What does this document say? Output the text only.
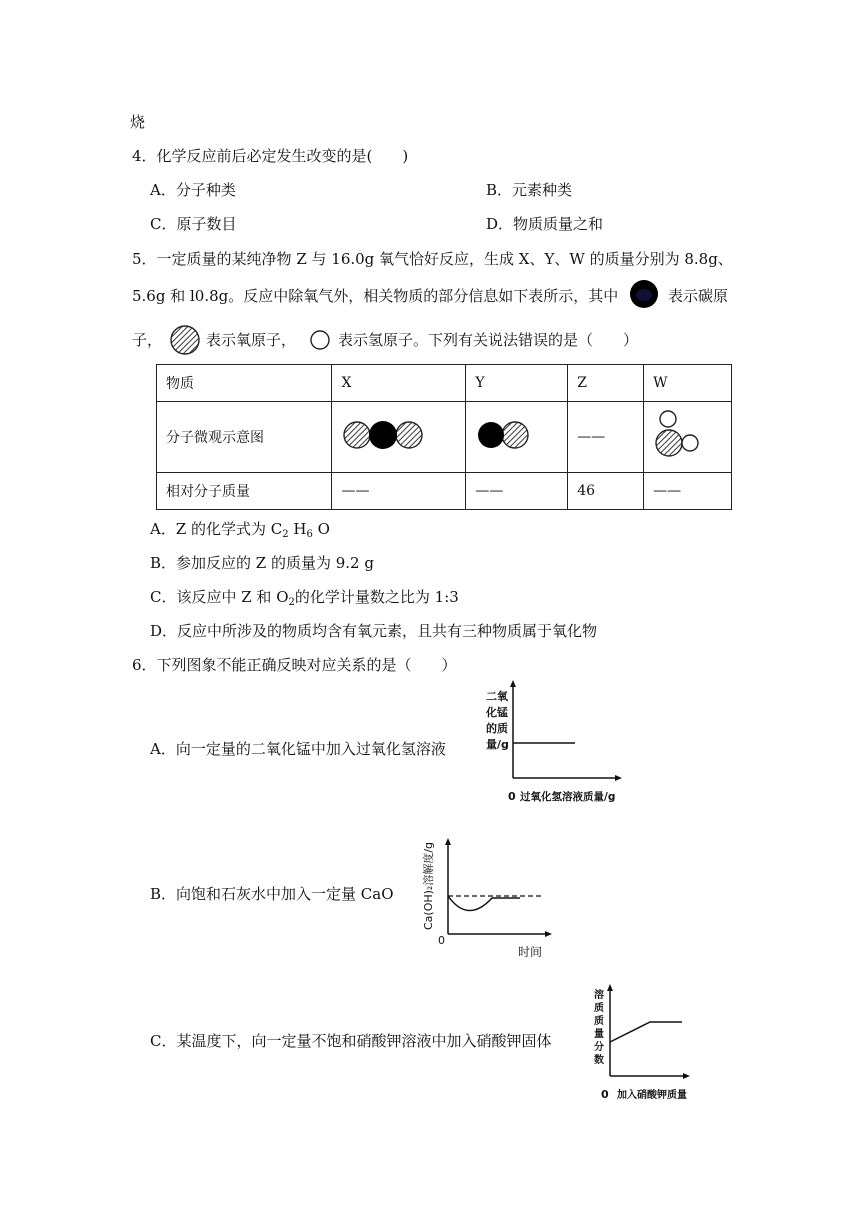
烧
4．化学反应前后必定发生改变的是(　　)
A．分子种类	B．元素种类
C．原子数目	D．物质质量之和
5．一定质量的某纯净物 Z 与 16.0g 氧气恰好反应，生成 X、Y、W 的质量分别为 8.8g、
5.6g 和 l0.8g。反应中除氧气外，相关物质的部分信息如下表所示，其中	表示碳原
子，	表示氧原子，	表示氢原子。下列有关说法错误的是（　　）
物质	X	Y	Z	W
分子微观示意图			——	
相对分子质量	——	——	46	——
A．Z 的化学式为 $C_2$ $H_6$ O
B．参加反应的 Z 的质量为 9.2 g
C．该反应中 Z 和 $O_2$的化学计量数之比为 1:3
D．反应中所涉及的物质均含有氧元素，且共有三种物质属于氧化物
6．下列图象不能正确反映对应关系的是（　　）
A．向一定量的二氧化锰中加入过氧化氢溶液
二氧
化锰
的质
量/g
0 过氧化氢溶液质量/g
B．向饱和石灰水中加入一定量 CaO	Ca(OH)₂溶解度/g
0
时间
C．某温度下，向一定量不饱和硝酸钾溶液中加入硝酸钾固体
溶
质
质
量
分
数
0 加入硝酸钾质量
